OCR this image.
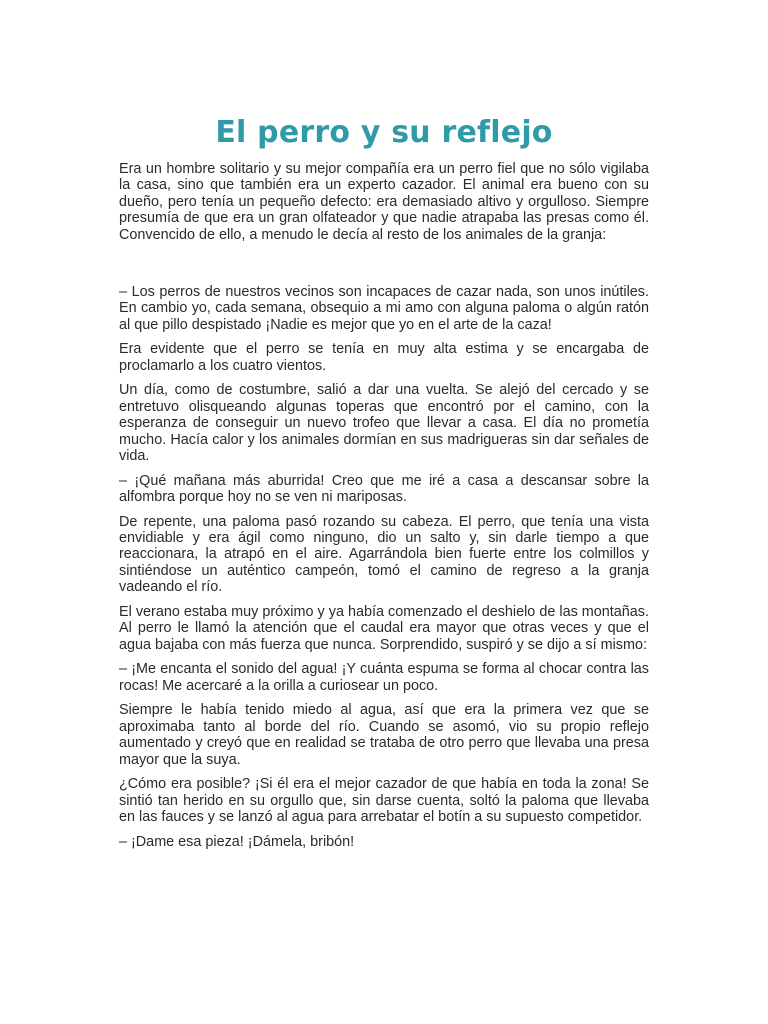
El perro y su reflejo

Era un hombre solitario y su mejor compañía era un perro fiel que no sólo vigilaba la casa, sino que también era un experto cazador. El animal era bueno con su dueño, pero tenía un pequeño defecto: era demasiado altivo y orgulloso. Siempre presumía de que era un gran olfateador y que nadie atrapaba las presas como él. Convencido de ello, a menudo le decía al resto de los animales de la granja:

– Los perros de nuestros vecinos son incapaces de cazar nada, son unos inútiles. En cambio yo, cada semana, obsequio a mi amo con alguna paloma o algún ratón al que pillo despistado ¡Nadie es mejor que yo en el arte de la caza!

Era evidente que el perro se tenía en muy alta estima y se encargaba de proclamarlo a los cuatro vientos.

Un día, como de costumbre, salió a dar una vuelta. Se alejó del cercado y se entretuvo olisqueando algunas toperas que encontró por el camino, con la esperanza de conseguir un nuevo trofeo que llevar a casa. El día no prometía mucho. Hacía calor y los animales dormían en sus madrigueras sin dar señales de vida.

– ¡Qué mañana más aburrida! Creo que me iré a casa a descansar sobre la alfombra porque hoy no se ven ni mariposas.

De repente, una paloma pasó rozando su cabeza. El perro, que tenía una vista envidiable y era ágil como ninguno, dio un salto y, sin darle tiempo a que reaccionara, la atrapó en el aire. Agarrándola bien fuerte entre los colmillos y sintiéndose un auténtico campeón, tomó el camino de regreso a la granja vadeando el río.

El verano estaba muy próximo y ya había comenzado el deshielo de las montañas. Al perro le llamó la atención que el caudal era mayor que otras veces y que el agua bajaba con más fuerza que nunca. Sorprendido, suspiró y se dijo a sí mismo:

– ¡Me encanta el sonido del agua! ¡Y cuánta espuma se forma al chocar contra las rocas! Me acercaré a la orilla a curiosear un poco.

Siempre le había tenido miedo al agua, así que era la primera vez que se aproximaba tanto al borde del río. Cuando se asomó, vio su propio reflejo aumentado y creyó que en realidad se trataba de otro perro que llevaba una presa mayor que la suya.

¿Cómo era posible? ¡Si él era el mejor cazador de que había en toda la zona! Se sintió tan herido en su orgullo que, sin darse cuenta, soltó la paloma que llevaba en las fauces y se lanzó al agua para arrebatar el botín a su supuesto competidor.

– ¡Dame esa pieza! ¡Dámela, bribón!
